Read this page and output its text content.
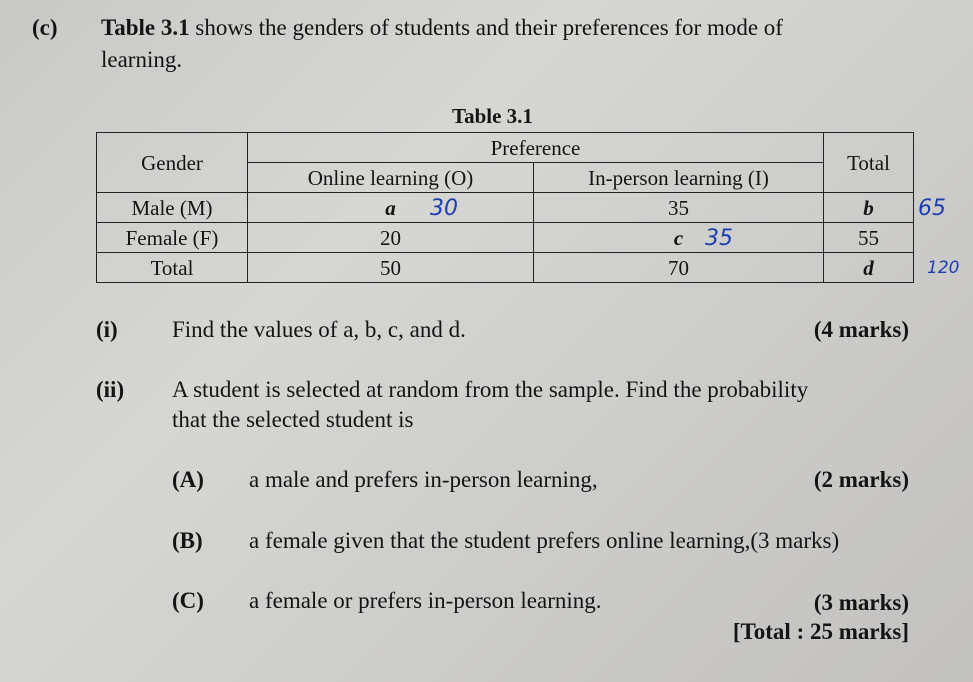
(c) Table 3.1 shows the genders of students and their preferences for mode of
learning.
Table 3.1
Gender	Preference		Total
	Online learning (O)	In-person learning (I)	
Male (M)	a	35	b
Female (F)	20	c	55
Total	50	70	d
30	65
35
120
(i) Find the values of a, b, c, and d.	(4 marks)
(ii) A student is selected at random from the sample. Find the probability
that the selected student is
(A) a male and prefers in-person learning,	(2 marks)
(B) a female given that the student prefers online learning,(3 marks)
(C) a female or prefers in-person learning.	(3 marks)
[Total : 25 marks]
